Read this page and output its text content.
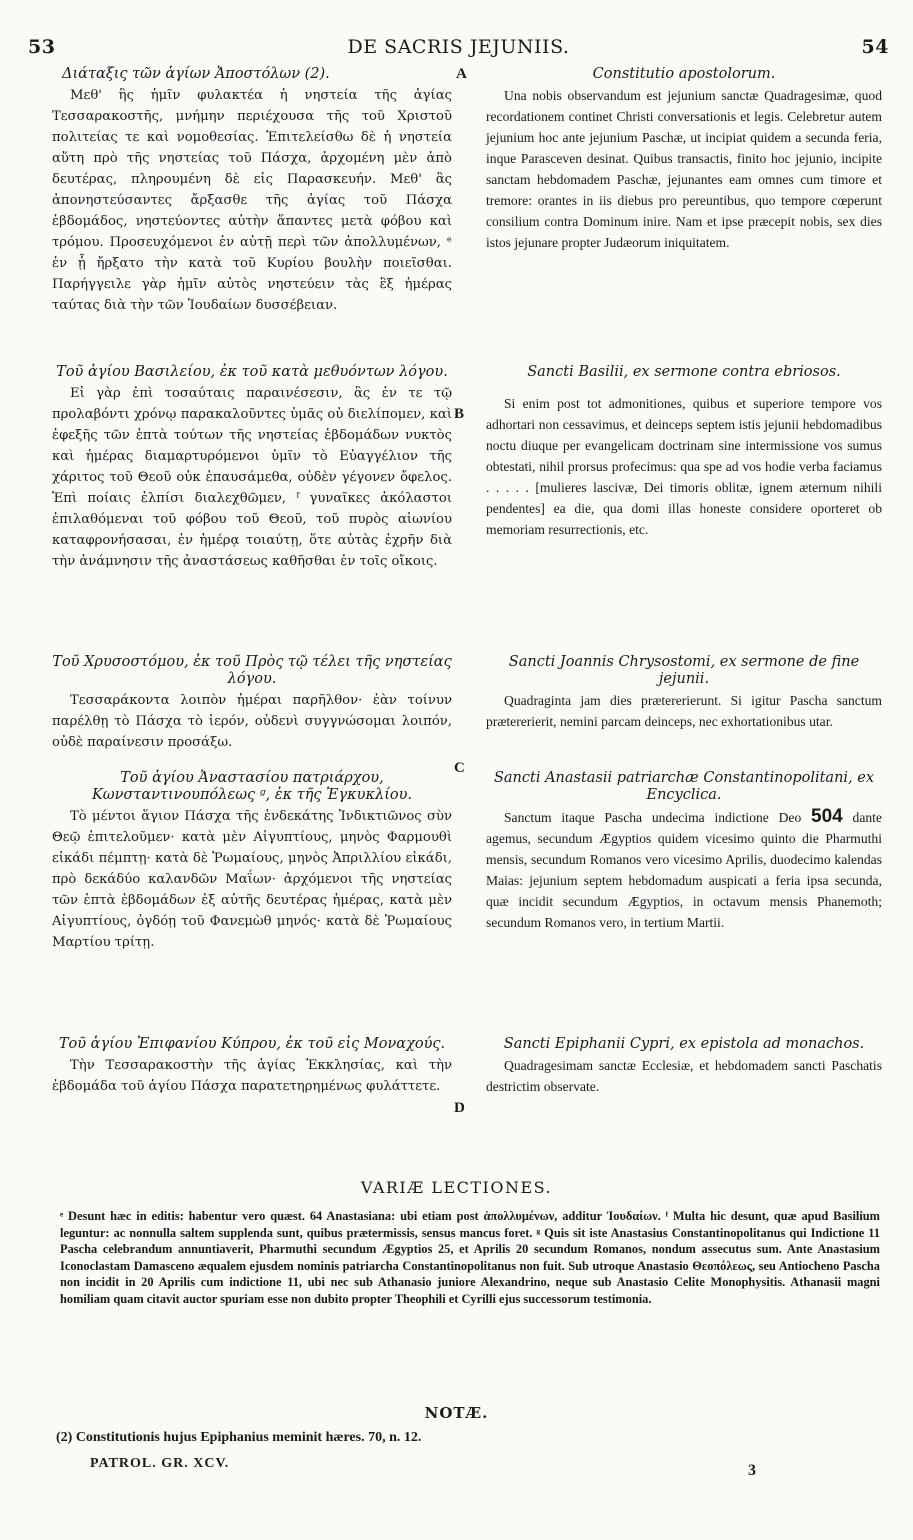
53	DE SACRIS JEJUNIIS.	54
A
B
C
D
Διάταξις τῶν ἁγίων Ἀποστόλων (2).

Μεθ' ἣς ἡμῖν φυλακτέα ἡ νηστεία τῆς ἁγίας Τεσσαρακοστῆς, μνήμην περιέχουσα τῆς τοῦ Χριστοῦ πολιτείας τε καὶ νομοθεσίας. Ἐπιτελείσθω δὲ ἡ νηστεία αὕτη πρὸ τῆς νηστείας τοῦ Πάσχα, ἀρχομένη μὲν ἀπὸ δευτέρας, πληρουμένη δὲ εἰς Παρασκευήν. Μεθ' ἃς ἀπονηστεύσαντες ἄρξασθε τῆς ἁγίας τοῦ Πάσχα ἑβδομάδος, νηστεύοντες αὐτὴν ἅπαντες μετὰ φόβου καὶ τρόμου. Προσευχόμενοι ἐν αὐτῇ περὶ τῶν ἀπολλυμένων, ᵉ ἐν ᾗ ἤρξατο τὴν κατὰ τοῦ Κυρίου βουλὴν ποιεῖσθαι. Παρήγγειλε γὰρ ἡμῖν αὐτὸς νηστεύειν τὰς ἓξ ἡμέρας ταύτας διὰ τὴν τῶν Ἰουδαίων δυσσέβειαν.

Τοῦ ἁγίου Βασιλείου, ἐκ τοῦ κατὰ μεθυόντων λόγου.

Εἰ γὰρ ἐπὶ τοσαύταις παραινέσεσιν, ἃς ἐν τε τῷ προλαβόντι χρόνῳ παρακαλοῦντες ὑμᾶς οὐ διελίπομεν, καὶ ἐφεξῆς τῶν ἑπτὰ τούτων τῆς νηστείας ἑβδομάδων νυκτὸς καὶ ἡμέρας διαμαρτυρόμενοι ὑμῖν τὸ Εὐαγγέλιον τῆς χάριτος τοῦ Θεοῦ οὐκ ἐπαυσάμεθα, οὐδὲν γέγονεν ὄφελος. Ἐπὶ ποίαις ἐλπίσι διαλεχθῶμεν, ᶠ γυναῖκες ἀκόλαστοι ἐπιλαθόμεναι τοῦ φόβου τοῦ Θεοῦ, τοῦ πυρὸς αἰωνίου καταφρονήσασαι, ἐν ἡμέρᾳ τοιαύτῃ, ὅτε αὐτὰς ἐχρῆν διὰ τὴν ἀνάμνησιν τῆς ἀναστάσεως καθῆσθαι ἐν τοῖς οἴκοις.

Τοῦ Χρυσοστόμου, ἐκ τοῦ Πρὸς τῷ τέλει τῆς νηστείας λόγου.

Τεσσαράκοντα λοιπὸν ἡμέραι παρῆλθον· ἐὰν τοίνυν παρέλθῃ τὸ Πάσχα τὸ ἱερόν, οὐδενὶ συγγνώσομαι λοιπόν, οὐδὲ παραίνεσιν προσάξω.

Τοῦ ἁγίου Ἀναστασίου πατριάρχου, Κωνσταντινουπόλεως ᵍ, ἐκ τῆς Ἐγκυκλίου.

Τὸ μέντοι ἅγιον Πάσχα τῆς ἑνδεκάτης Ἰνδικτιῶνος σὺν Θεῷ ἐπιτελοῦμεν· κατὰ μὲν Αἰγυπτίους, μηνὸς Φαρμουθὶ εἰκάδι πέμπτῃ· κατὰ δὲ Ῥωμαίους, μηνὸς Ἀπριλλίου εἰκάδι, πρὸ δεκάδύο καλανδῶν Μαΐων· ἀρχόμενοι τῆς νηστείας τῶν ἑπτὰ ἑβδομάδων ἐξ αὐτῆς δευτέρας ἡμέρας, κατὰ μὲν Αἰγυπτίους, ὀγδόῃ τοῦ Φανεμὼθ μηνός· κατὰ δὲ Ῥωμαίους Μαρτίου τρίτῃ.

Τοῦ ἁγίου Ἐπιφανίου Κύπρου, ἐκ τοῦ εἰς Μοναχούς.

Τὴν Τεσσαρακοστὴν τῆς ἁγίας Ἐκκλησίας, καὶ τὴν ἑβδομάδα τοῦ ἁγίου Πάσχα παρατετηρημένως φυλάττετε.

Constitutio apostolorum.

Una nobis observandum est jejunium sanctæ Quadragesimæ, quod recordationem continet Christi conversationis et legis. Celebretur autem jejunium hoc ante jejunium Paschæ, ut incipiat quidem a secunda feria, inque Parasceven desinat. Quibus transactis, finito hoc jejunio, incipite sanctam hebdomadem Paschæ, jejunantes eam omnes cum timore et tremore: orantes in iis diebus pro pereuntibus, quo tempore cœperunt consilium contra Dominum inire. Nam et ipse præcepit nobis, sex dies istos jejunare propter Judæorum iniquitatem.

Sancti Basilii, ex sermone contra ebriosos.

Si enim post tot admonitiones, quibus et superiore tempore vos adhortari non cessavimus, et deinceps septem istis jejunii hebdomadibus noctu diuque per evangelicam doctrinam sine intermissione vos sumus obtestati, nihil prorsus profecimus: qua spe ad vos hodie verba faciamus . . . . . [mulieres lascivæ, Dei timoris oblitæ, ignem æternum nihili pendentes] ea die, qua domi illas honeste considere oporteret ob memoriam resurrectionis, etc.

Sancti Joannis Chrysostomi, ex sermone de fine jejunii.

Quadraginta jam dies prætererierunt. Si igitur Pascha sanctum prætererierit, nemini parcam deinceps, nec exhortationibus utar.

Sancti Anastasii patriarchæ Constantinopolitani, ex Encyclica.

Sanctum itaque Pascha undecima indictione Deo 504 dante agemus, secundum Ægyptios quidem vicesimo quinto die Pharmuthi mensis, secundum Romanos vero vicesimo Aprilis, duodecimo kalendas Maias: jejunium septem hebdomadum auspicati a feria ipsa secunda, quæ incidit secundum Ægyptios, in octavum mensis Phanemoth; secundum Romanos vero, in tertium Martii.

Sancti Epiphanii Cypri, ex epistola ad monachos.

Quadragesimam sanctæ Ecclesiæ, et hebdomadem sancti Paschatis destrictim observate.

VARIÆ LECTIONES.
ᵉ Desunt hæc in editis: habentur vero quæst. 64 Anastasiana: ubi etiam post ἀπολλυμένων, additur Ἰουδαίων. ᶠ Multa hic desunt, quæ apud Basilium leguntur: ac nonnulla saltem supplenda sunt, quibus prætermissis, sensus mancus foret. ᵍ Quis sit iste Anastasius Constantinopolitanus qui Indictione 11 Pascha celebrandum annuntiaverit, Pharmuthi secundum Ægyptios 25, et Aprilis 20 secundum Romanos, nondum assecutus sum. Ante Anastasium Iconoclastam Damasceno æqualem ejusdem nominis patriarcha Constantinopolitanus non fuit. Sub utroque Anastasio Θεοπόλεως, seu Antiocheno Pascha non incidit in 20 Aprilis cum indictione 11, ubi nec sub Athanasio juniore Alexandrino, neque sub Anastasio Celite Monophysitis. Athanasii magni homiliam quam citavit auctor spuriam esse non dubito propter Theophili et Cyrilli ejus successorum testimonia.
NOTÆ.
(2) Constitutionis hujus Epiphanius meminit hæres. 70, n. 12.
PATROL. GR. XCV.	3
